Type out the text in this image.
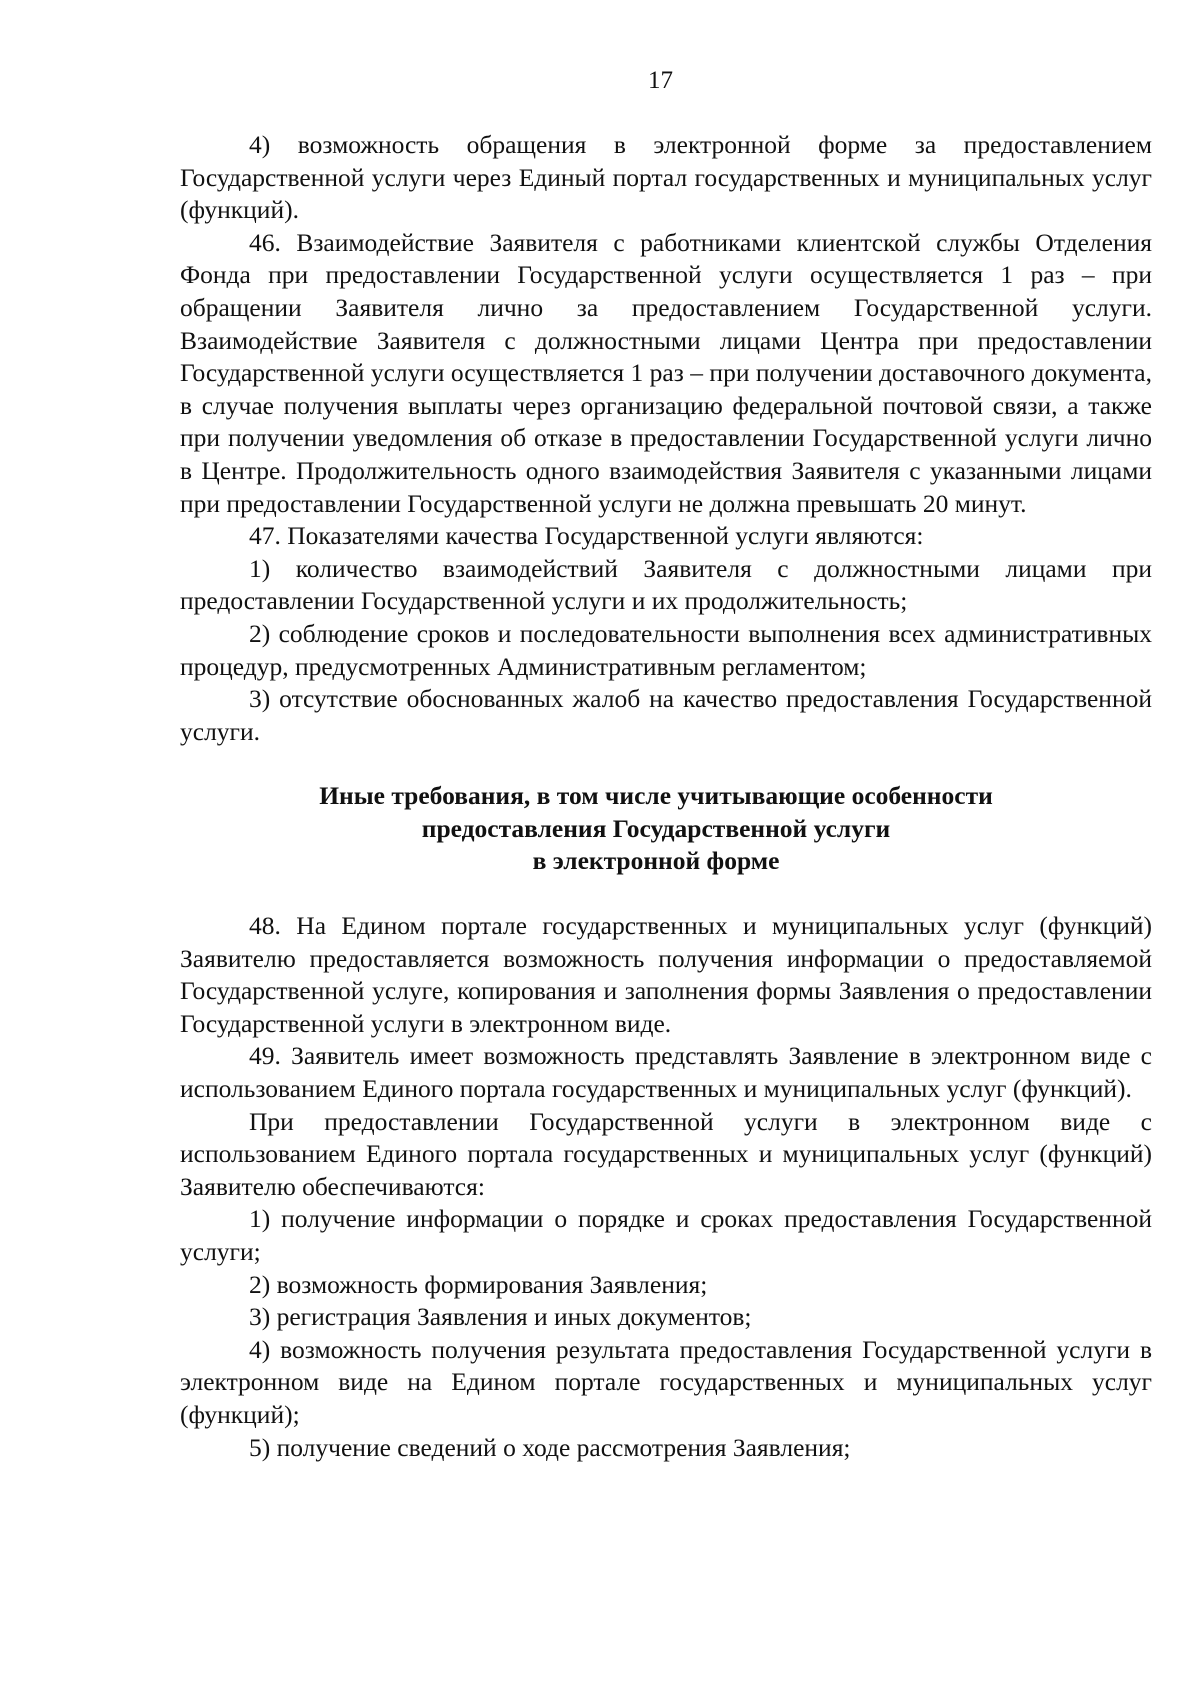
17

4) возможность обращения в электронной форме за предоставлением Государственной услуги через Единый портал государственных и муниципальных услуг (функций).

46. Взаимодействие Заявителя с работниками клиентской службы Отделения Фонда при предоставлении Государственной услуги осуществляется 1 раз – при обращении Заявителя лично за предоставлением Государственной услуги. Взаимодействие Заявителя с должностными лицами Центра при предоставлении Государственной услуги осуществляется 1 раз – при получении доставочного документа, в случае получения выплаты через организацию федеральной почтовой связи, а также при получении уведомления об отказе в предоставлении Государственной услуги лично в Центре. Продолжительность одного взаимодействия Заявителя с указанными лицами при предоставлении Государственной услуги не должна превышать 20 минут.

47. Показателями качества Государственной услуги являются:

1) количество взаимодействий Заявителя с должностными лицами при предоставлении Государственной услуги и их продолжительность;

2) соблюдение сроков и последовательности выполнения всех административных процедур, предусмотренных Административным регламентом;

3) отсутствие обоснованных жалоб на качество предоставления Государственной услуги.

Иные требования, в том числе учитывающие особенности
предоставления Государственной услуги
в электронной форме

48. На Едином портале государственных и муниципальных услуг (функций) Заявителю предоставляется возможность получения информации о предоставляемой Государственной услуге, копирования и заполнения формы Заявления о предоставлении Государственной услуги в электронном виде.

49. Заявитель имеет возможность представлять Заявление в электронном виде с использованием Единого портала государственных и муниципальных услуг (функций).

При предоставлении Государственной услуги в электронном виде с использованием Единого портала государственных и муниципальных услуг (функций) Заявителю обеспечиваются:

1) получение информации о порядке и сроках предоставления Государственной услуги;

2) возможность формирования Заявления;

3) регистрация Заявления и иных документов;

4) возможность получения результата предоставления Государственной услуги в электронном виде на Едином портале государственных и муниципальных услуг (функций);

5) получение сведений о ходе рассмотрения Заявления;
